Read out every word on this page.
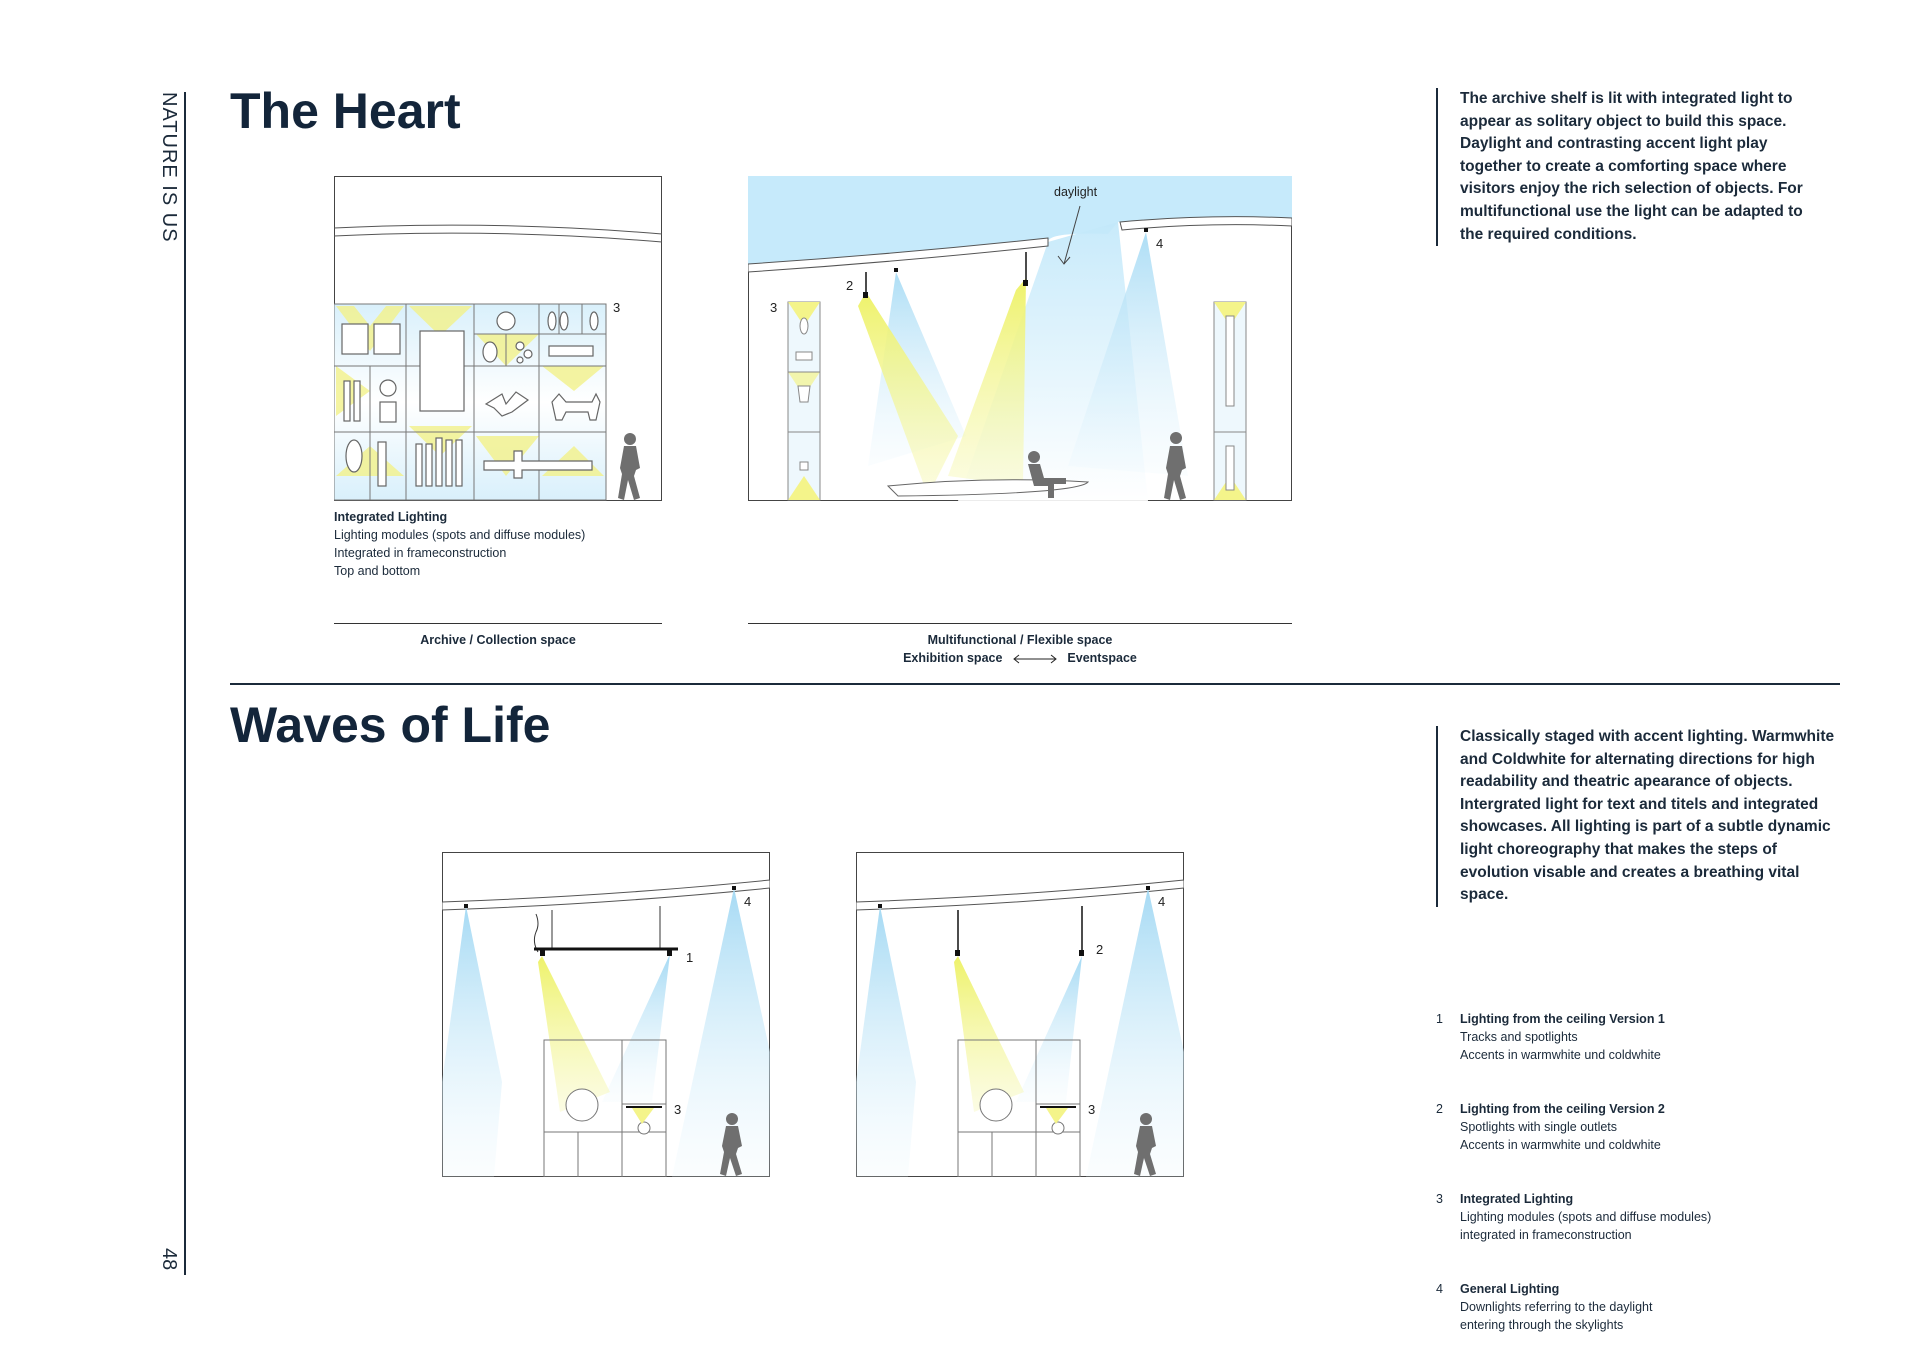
NATURE IS US
48
The Heart	The archive shelf is lit with integrated light to appear as solitary object to build this space. Daylight and contrasting accent light play together to create a comforting space where visitors enjoy the rich selection of objects. For multifunctional use the light can be adapted to the required conditions.
3
Integrated Lighting
Lighting modules (spots and diffuse modules)
Integrated in frameconstruction
Top and bottom
Archive / Collection space
daylight
2
3
4
Multifunctional / Flexible space
Exhibition space	Eventspace
Waves of Life	Classically staged with accent lighting. Warmwhite and Coldwhite for alternating directions for high readability and theatric apearance of objects. Intergrated light for text and titels and integrated showcases. All lighting is part of a subtle dynamic light choreography that makes the steps of evolution visable and creates a breathing vital space.
1
3
4
2
3
4
1 Lighting from the ceiling Version 1
Tracks and spotlights
Accents in warmwhite und coldwhite
2 Lighting from the ceiling Version 2
Spotlights with single outlets
Accents in warmwhite und coldwhite
3 Integrated Lighting
Lighting modules (spots and diffuse modules)
integrated in frameconstruction
4 General Lighting
Downlights referring to the daylight
entering through the skylights
